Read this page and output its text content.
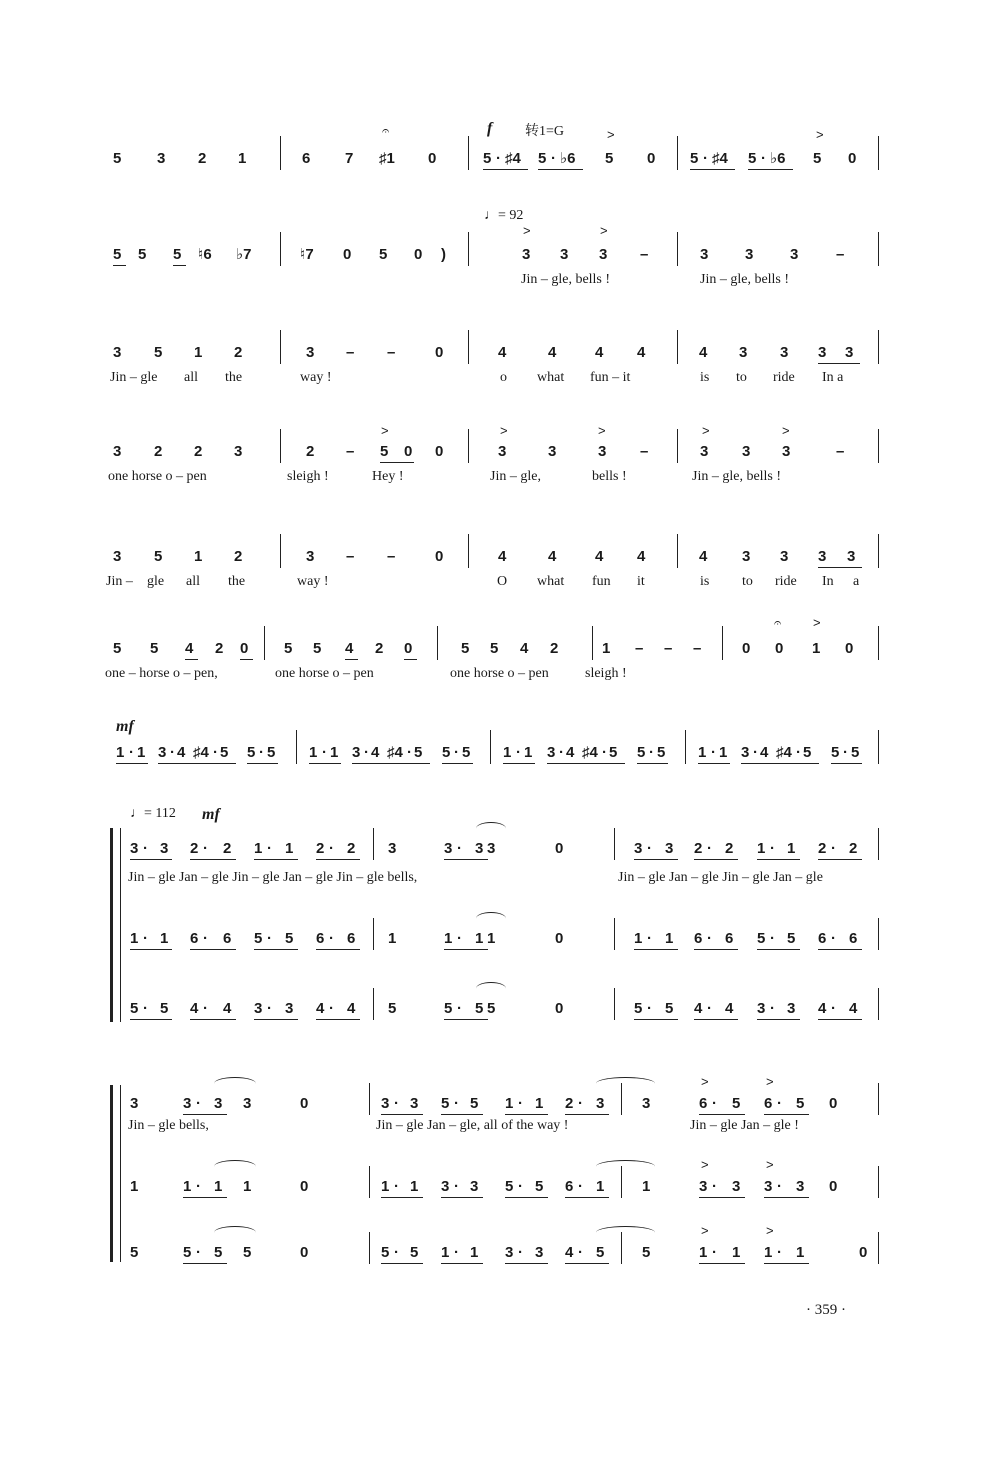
5 3 2 1	6 7 ♯1 0	5 · ♯4 5 · ♭6 5 0 5 · ♯4 5 · ♭6 5 0
f 转1=G	>	>
𝄐
5 5 5 ♮6 ♭7	♮7 0 5 0 )	3 3 3 –	3 3 3	–
♩= 92
>	>
Jin – gle, bells !	Jin – gle, bells !
3 5 1 2	3 – –	0	4	4	4 4	4 3 3 3 3
Jin – gle all the	way !	o what fun – it	is to ride In a
3 2 2 3	2 – 5 0 0	3	3	3 –	3 3 3	–
>	>	>	>	>
one horse o – pen	sleigh !	Hey !	Jin – gle,	bells !	Jin – gle, bells !
3 5 1 2	3 – –	0	4	4	4 4	4 3 3 3 3
Jin – gle all the	way !	O what fun it	is to ride In a
5 5 4 2 0 5 5 4 2 0	5 5 4 2	1 – – –	0 0 1 0
𝄐 >
one – horse o – pen,	one horse o – pen	one horse o – pen	sleigh !
1 · 1 3 · 4 ♯4 · 5 5 · 5 1 · 1 3 · 4 ♯4 · 5 5 · 5 1 · 1 3 · 4 ♯4 · 5 5 · 5 1 · 1 3 · 4 ♯4 · 5 5 · 5
mf
♩= 112 mf
3 · 3 2 · 2 1 · 1 2 · 2 3	3 · 3 3	0	3 · 3 2 · 2 1 · 1 2 · 2
1 · 1 6 · 6 5 · 5 6 · 6 1	1 · 1 1	0	1 · 1 6 · 6 5 · 5 6 · 6
5 · 5 4 · 4 3 · 3 4 · 4 5	5 · 5 5	0	5 · 5 4 · 4 3 · 3 4 · 4
Jin – gle Jan – gle Jin – gle Jan – gle Jin – gle bells,	Jin – gle Jan – gle Jin – gle Jan – gle
3	3 · 3 3	0	3 · 3 5 · 5 1 · 1 2 · 3	3	6 · 5 6 · 5 0
1	1 · 1 1	0	1 · 1 3 · 3 5 · 5 6 · 1	1	3 · 3 3 · 3 0
5	5 · 5 5	0	5 · 5 1 · 1 3 · 3 4 · 5	5	1 · 1 1 · 1	0
>	>
>	>
>	>
Jin – gle bells,	Jin – gle Jan – gle, all of the way !	Jin – gle Jan – gle !
· 359 ·
